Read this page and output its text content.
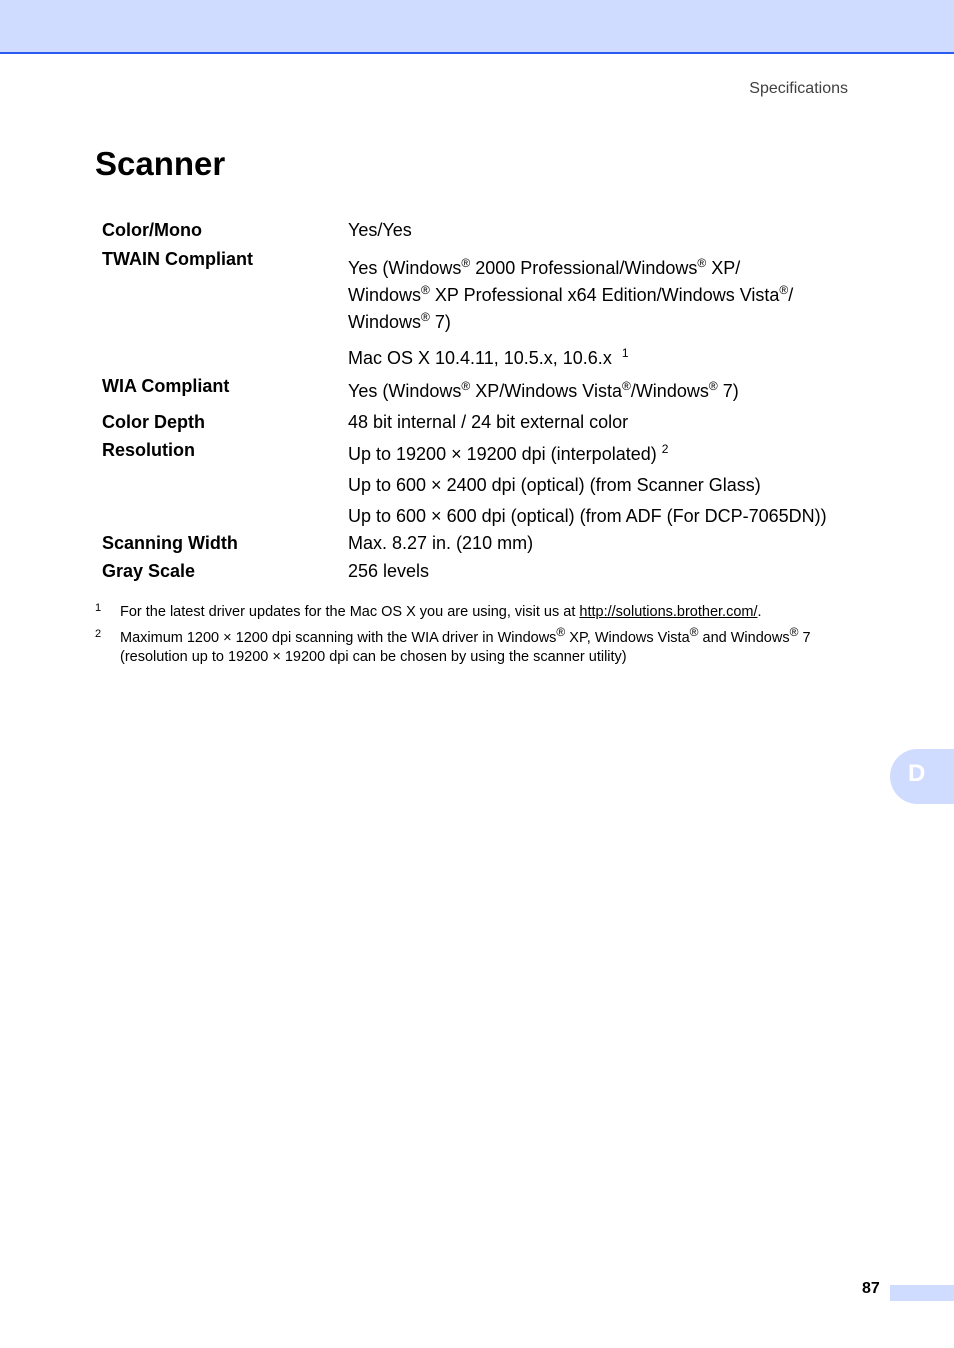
Specifications
Scanner
Color/Mono	Yes/Yes
TWAIN Compliant	Yes (Windows® 2000 Professional/Windows® XP/
Windows® XP Professional x64 Edition/Windows Vista®/
Windows® 7)
Mac OS X 10.4.11, 10.5.x, 10.6.x $^1$

WIA Compliant	Yes (Windows® XP/Windows Vista®/Windows® 7)

Color Depth	48 bit internal / 24 bit external color
Resolution	Up to 19200 × 19200 dpi (interpolated) $^2$
Up to 600 × 2400 dpi (optical) (from Scanner Glass)
Up to 600 × 600 dpi (optical) (from ADF (For DCP-7065DN))

Scanning Width	Max. 8.27 in. (210 mm)
Gray Scale	256 levels
1 For the latest driver updates for the Mac OS X you are using, visit us at http://solutions.brother.com/.
2 Maximum 1200 × 1200 dpi scanning with the WIA driver in Windows® XP, Windows Vista® and Windows® 7
(resolution up to 19200 × 19200 dpi can be chosen by using the scanner utility)
D
87
